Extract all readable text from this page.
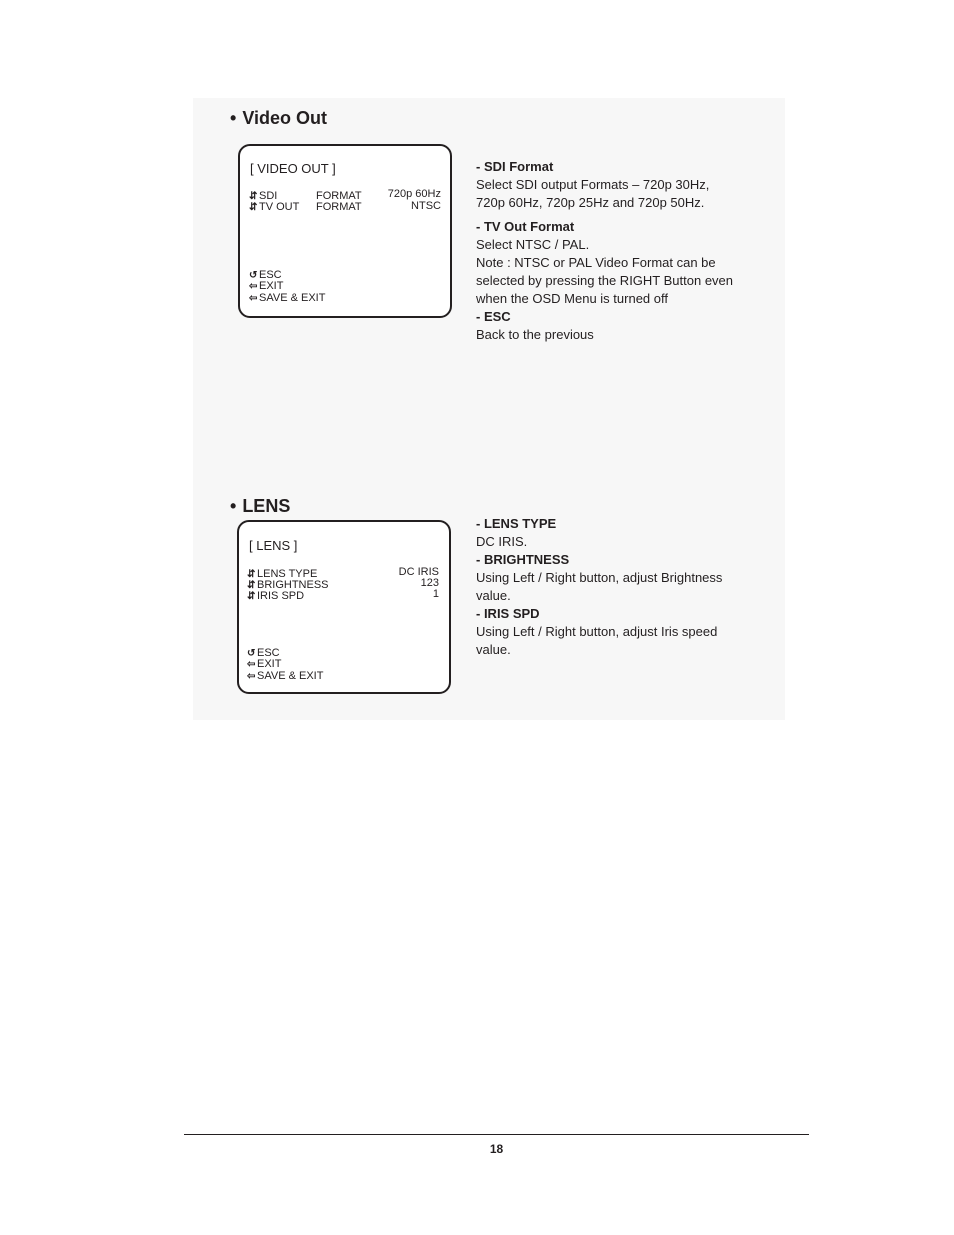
• Video Out
[ VIDEO OUT ]
⇵ SDI	FORMAT 720p 60Hz
⇵ TV OUT FORMAT	NTSC
↺ ESC
⇦ EXIT
⇦ SAVE & EXIT

- SDI Format

Select SDI output Formats – 720p 30Hz,

720p 60Hz, 720p 25Hz and 720p 50Hz.

- TV Out Format

Select NTSC / PAL.

Note : NTSC or PAL Video Format can be

selected by pressing the RIGHT Button even

when the OSD Menu is turned off

- ESC

Back to the previous

• LENS
[ LENS ]
⇵ LENS TYPE	DC IRIS
⇵ BRIGHTNESS	123
⇵ IRIS SPD	1
↺ ESC
⇦ EXIT
⇦ SAVE & EXIT

- LENS TYPE

DC IRIS.

- BRIGHTNESS

Using Left / Right button, adjust Brightness

value.

- IRIS SPD

Using Left / Right button, adjust Iris speed

value.

18
